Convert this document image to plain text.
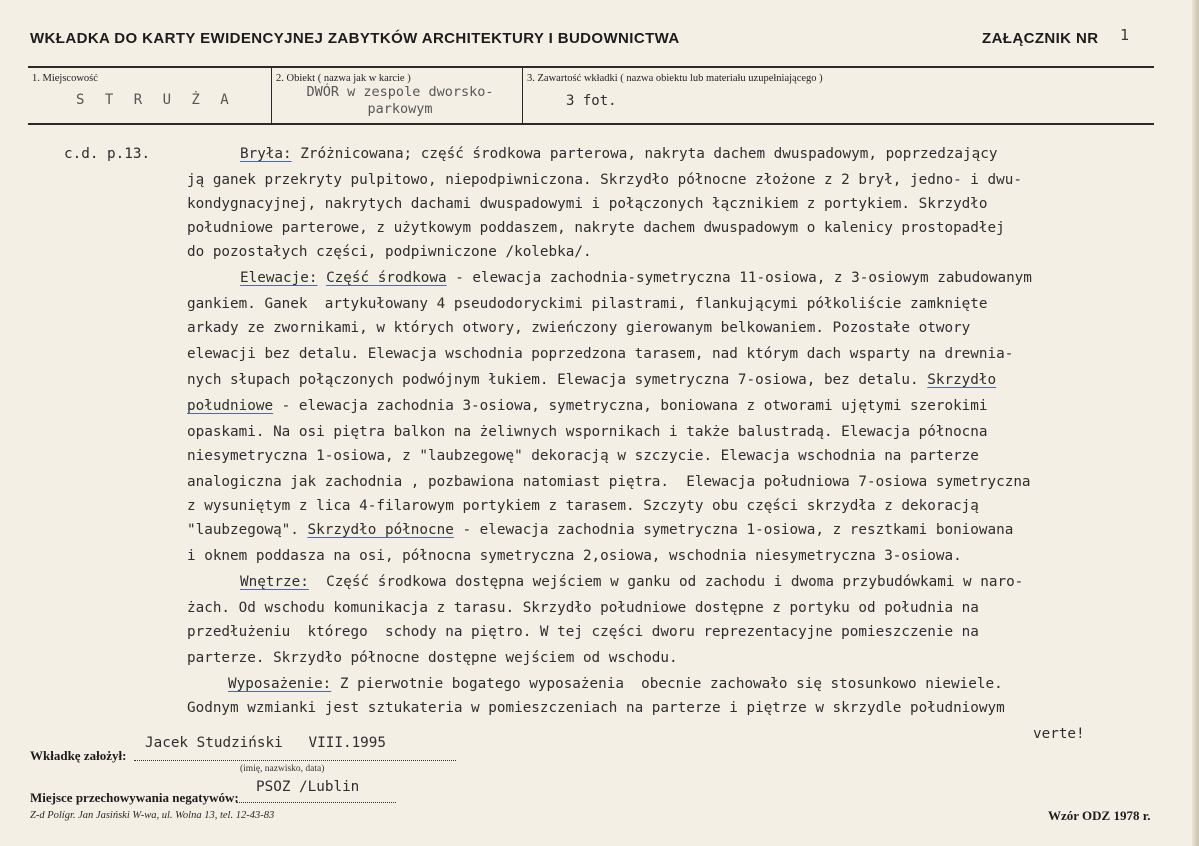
WKŁADKA DO KARTY EWIDENCYJNEJ ZABYTKÓW ARCHITEKTURY I BUDOWNICTWA	ZAŁĄCZNIK NR 1
1. Miejscowość
S T R U Ż A
2. Obiekt ( nazwa jak w karcie )
DWÓR w zespole dworsko-
parkowym
3. Zawartość wkładki ( nazwa obiektu lub materiału uzupełniającego )
3 fot.
c.d. p.13.	Bryła: Zróżnicowana; część środkowa parterowa, nakryta dachem dwuspadowym, poprzedzający
ją ganek przekryty pulpitowo, niepodpiwniczona. Skrzydło północne złożone z 2 brył, jedno- i dwu-
kondygnacyjnej, nakrytych dachami dwuspadowymi i połączonych łącznikiem z portykiem. Skrzydło
południowe parterowe, z użytkowym poddaszem, nakryte dachem dwuspadowym o kalenicy prostopadłej
do pozostałych części, podpiwniczone /kolebka/.
Elewacje: Część środkowa - elewacja zachodnia-symetryczna 11-osiowa, z 3-osiowym zabudowanym
gankiem. Ganek  artykułowany 4 pseudodoryckimi pilastrami, flankującymi półkoliście zamknięte
arkady ze zwornikami, w których otwory, zwieńczony gierowanym belkowaniem. Pozostałe otwory
elewacji bez detalu. Elewacja wschodnia poprzedzona tarasem, nad którym dach wsparty na drewnia-
nych słupach połączonych podwójnym łukiem. Elewacja symetryczna 7-osiowa, bez detalu. Skrzydło
południowe - elewacja zachodnia 3-osiowa, symetryczna, boniowana z otworami ujętymi szerokimi
opaskami. Na osi piętra balkon na żeliwnych wspornikach i także balustradą. Elewacja północna
niesymetryczna 1-osiowa, z "laubzegowę" dekoracją w szczycie. Elewacja wschodnia na parterze
analogiczna jak zachodnia , pozbawiona natomiast piętra.  Elewacja południowa 7-osiowa symetryczna
z wysuniętym z lica 4-filarowym portykiem z tarasem. Szczyty obu części skrzydła z dekoracją
"laubzegową". Skrzydło północne - elewacja zachodnia symetryczna 1-osiowa, z resztkami boniowana
i oknem poddasza na osi, północna symetryczna 2,osiowa, wschodnia niesymetryczna 3-osiowa.
Wnętrze:  Część środkowa dostępna wejściem w ganku od zachodu i dwoma przybudówkami w naro-
żach. Od wschodu komunikacja z tarasu. Skrzydło południowe dostępne z portyku od południa na
przedłużeniu  którego  schody na piętro. W tej części dworu reprezentacyjne pomieszczenie na
parterze. Skrzydło północne dostępne wejściem od wschodu.
Wyposażenie: Z pierwotnie bogatego wyposażenia  obecnie zachowało się stosunkowo niewiele.
Godnym wzmianki jest sztukateria w pomieszczeniach na parterze i piętrze w skrzydle południowym
verte!
Jacek Studziński   VIII.1995
Wkładkę założył:
(imię, nazwisko, data)
PSOZ /Lublin
Miejsce przechowywania negatywów:
Z-d Polígr. Jan Jasiński W-wa, ul. Wolna 13, tel. 12-43-83	Wzór ODZ 1978 r.
